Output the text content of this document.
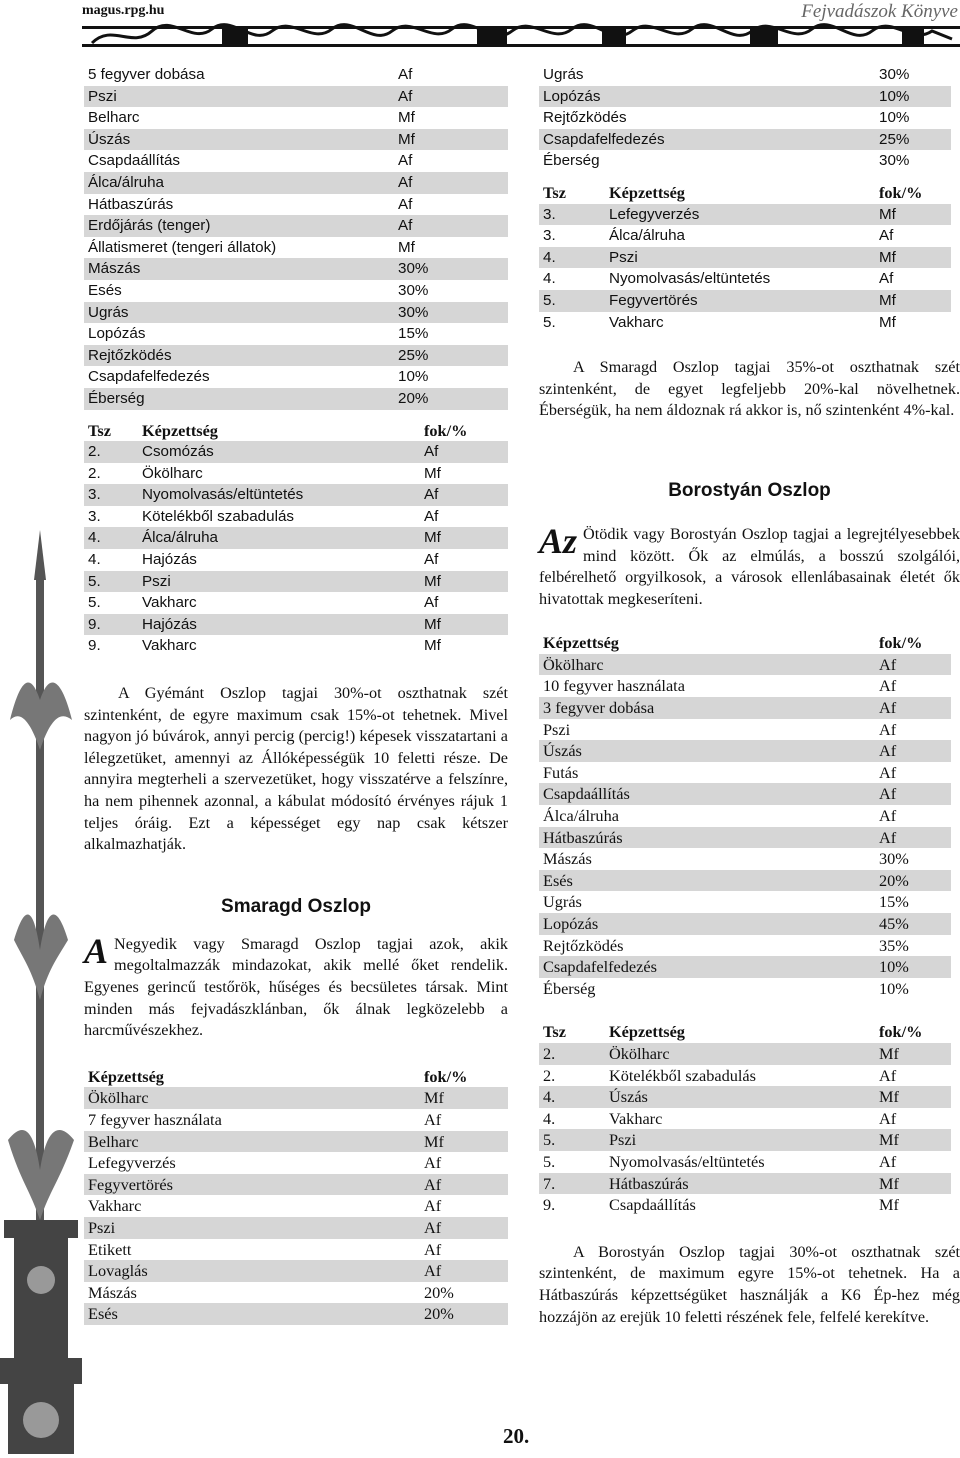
magus.rpg.hu	Fejvadászok Könyve
5 fegyver dobása	Af
Pszi	Af
Belharc	Mf
Úszás	Mf
Csapdaállítás	Af
Álca/álruha	Af
Hátbaszúrás	Af
Erdőjárás (tenger)	Af
Állatismeret (tengeri állatok)	Mf
Mászás	30%
Esés	30%
Ugrás	30%
Lopózás	15%
Rejtőzködés	25%
Csapdafelfedezés	10%
Éberség	20%
Tsz	Képzettség	fok/%
2.	Csomózás	Af
2.	Ökölharc	Mf
3.	Nyomolvasás/eltüntetés	Af
3.	Kötelékből szabadulás	Af
4.	Álca/álruha	Mf
4.	Hajózás	Af
5.	Pszi	Mf
5.	Vakharc	Af
9.	Hajózás	Mf
9.	Vakharc	Mf

A Gyémánt Oszlop tagjai 30%-ot oszthatnak szét szintenként, de egyre maximum csak 15%-ot tehetnek. Mivel nagyon jó búvárok, annyi percig (percig!) képesek visszatartani a lélegzetüket, amennyi az Állóképességük 10 feletti része. De annyira megterheli a szervezetüket, hogy visszatérve a felszínre, ha nem pihennek azonnal, a kábulat módosító érvényes rájuk 1 teljes óráig. Ezt a képességet egy nap csak kétszer alkalmazhatják.

Smaragd Oszlop

A Negyedik vagy Smaragd Oszlop tagjai azok, akik megoltalmazzák mindazokat, akik mellé őket rendelik. Egyenes gerincű testőrök, hűséges és becsületes társak. Mint minden más fejvadászklánban, ők álnak legközelebb a harcművészekhez.

Képzettség	fok/%
Ökölharc	Mf
7 fegyver használata	Af
Belharc	Mf
Lefegyverzés	Af
Fegyvertörés	Af
Vakharc	Af
Pszi	Af
Etikett	Af
Lovaglás	Af
Mászás	20%
Esés	20%
Ugrás	30%
Lopózás	10%
Rejtőzködés	10%
Csapdafelfedezés	25%
Éberség	30%
Tsz	Képzettség	fok/%
3.	Lefegyverzés	Mf
3.	Álca/álruha	Af
4.	Pszi	Mf
4.	Nyomolvasás/eltüntetés	Af
5.	Fegyvertörés	Mf
5.	Vakharc	Mf

A Smaragd Oszlop tagjai 35%-ot oszthatnak szét szintenként, de egyet legfeljebb 20%-kal növelhetnek. Éberségük, ha nem áldoznak rá akkor is, nő szintenként 4%-kal.

Borostyán Oszlop

Az Ötödik vagy Borostyán Oszlop tagjai a legrejtélyesebbek mind között. Ők az elmúlás, a bosszú szolgálói, felbérelhető orgyilkosok, a városok ellenlábasainak életét ők hivatottak megkeseríteni.

Képzettség	fok/%
Ökölharc	Af
10 fegyver használata	Af
3 fegyver dobása	Af
Pszi	Af
Úszás	Af
Futás	Af
Csapdaállítás	Af
Álca/álruha	Af
Hátbaszúrás	Af
Mászás	30%
Esés	20%
Ugrás	15%
Lopózás	45%
Rejtőzködés	35%
Csapdafelfedezés	10%
Éberség	10%
Tsz	Képzettség	fok/%
2.	Ökölharc	Mf
2.	Kötelékből szabadulás	Af
4.	Úszás	Mf
4.	Vakharc	Af
5.	Pszi	Mf
5.	Nyomolvasás/eltüntetés	Af
7.	Hátbaszúrás	Mf
9.	Csapdaállítás	Mf

A Borostyán Oszlop tagjai 30%-ot oszthatnak szét szintenként, de maximum egyre 15%-ot tehetnek. Ha a Hátbaszúrás képzettségüket használják a K6 Ép-hez még hozzájön az erejük 10 feletti részének fele, felfelé kerekítve.

20.
